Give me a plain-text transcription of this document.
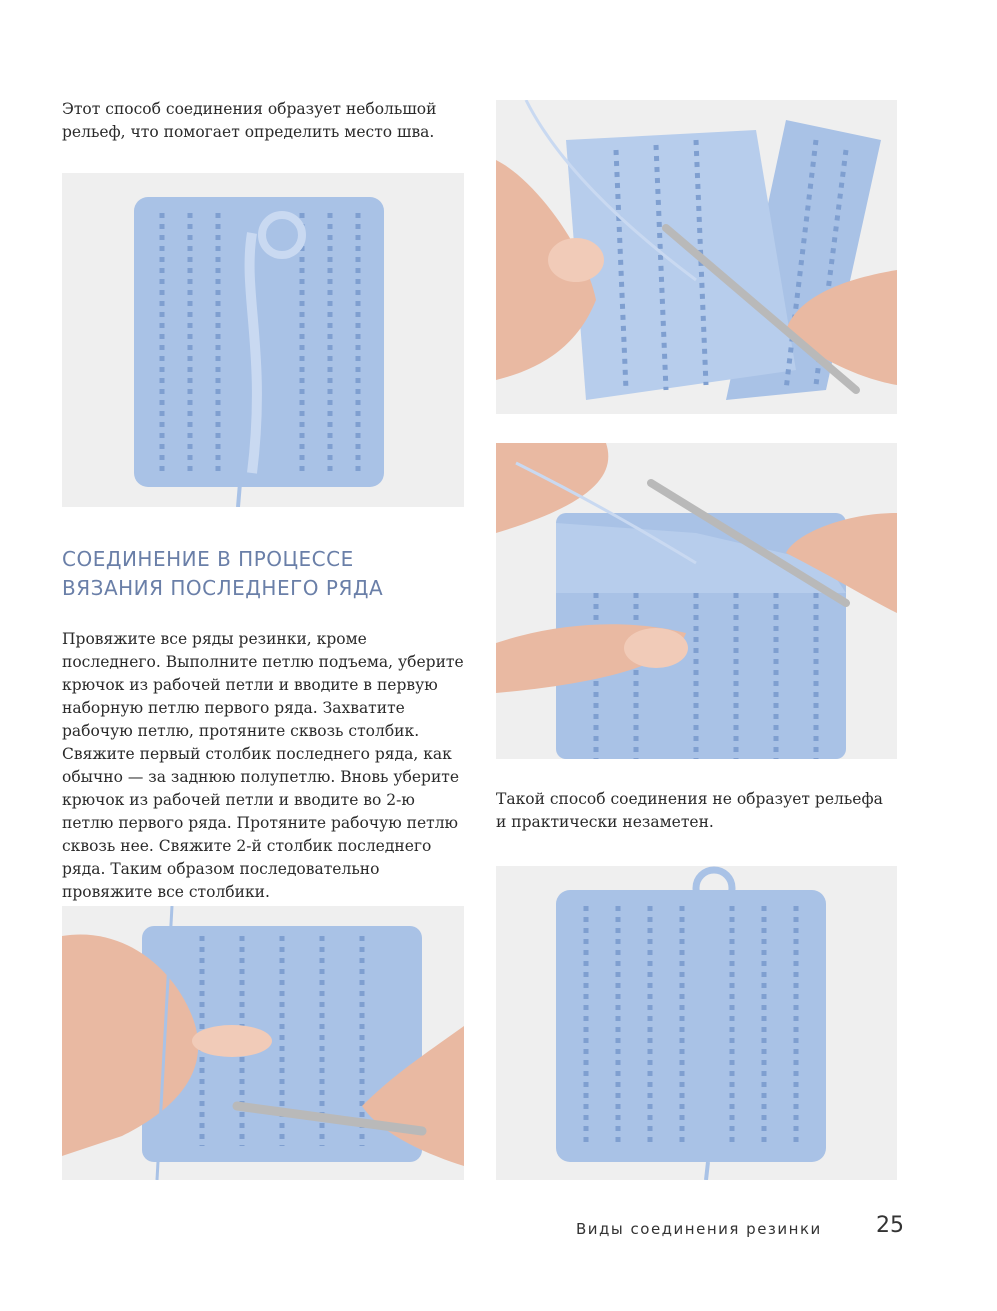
Этот способ соединения образует небольшой рельеф, что помогает определить место шва.
СОЕДИНЕНИЕ В ПРОЦЕССЕ ВЯЗАНИЯ ПОСЛЕДНЕГО РЯДА
Провяжите все ряды резинки, кроме последнего. Выполните петлю подъема, уберите крючок из рабочей петли и вводите в первую наборную петлю первого ряда. Захватите рабочую петлю, протяните сквозь столбик. Свяжите первый столбик последнего ряда, как обычно — за заднюю полупетлю. Вновь уберите крючок из рабочей петли и вводите во 2-ю петлю первого ряда. Протяните рабочую петлю сквозь нее. Свяжите 2-й столбик последнего ряда. Таким образом последовательно провяжите все столбики.
Такой способ соединения не образует рельефа и практически незаметен.
Виды соединения резинки 25
